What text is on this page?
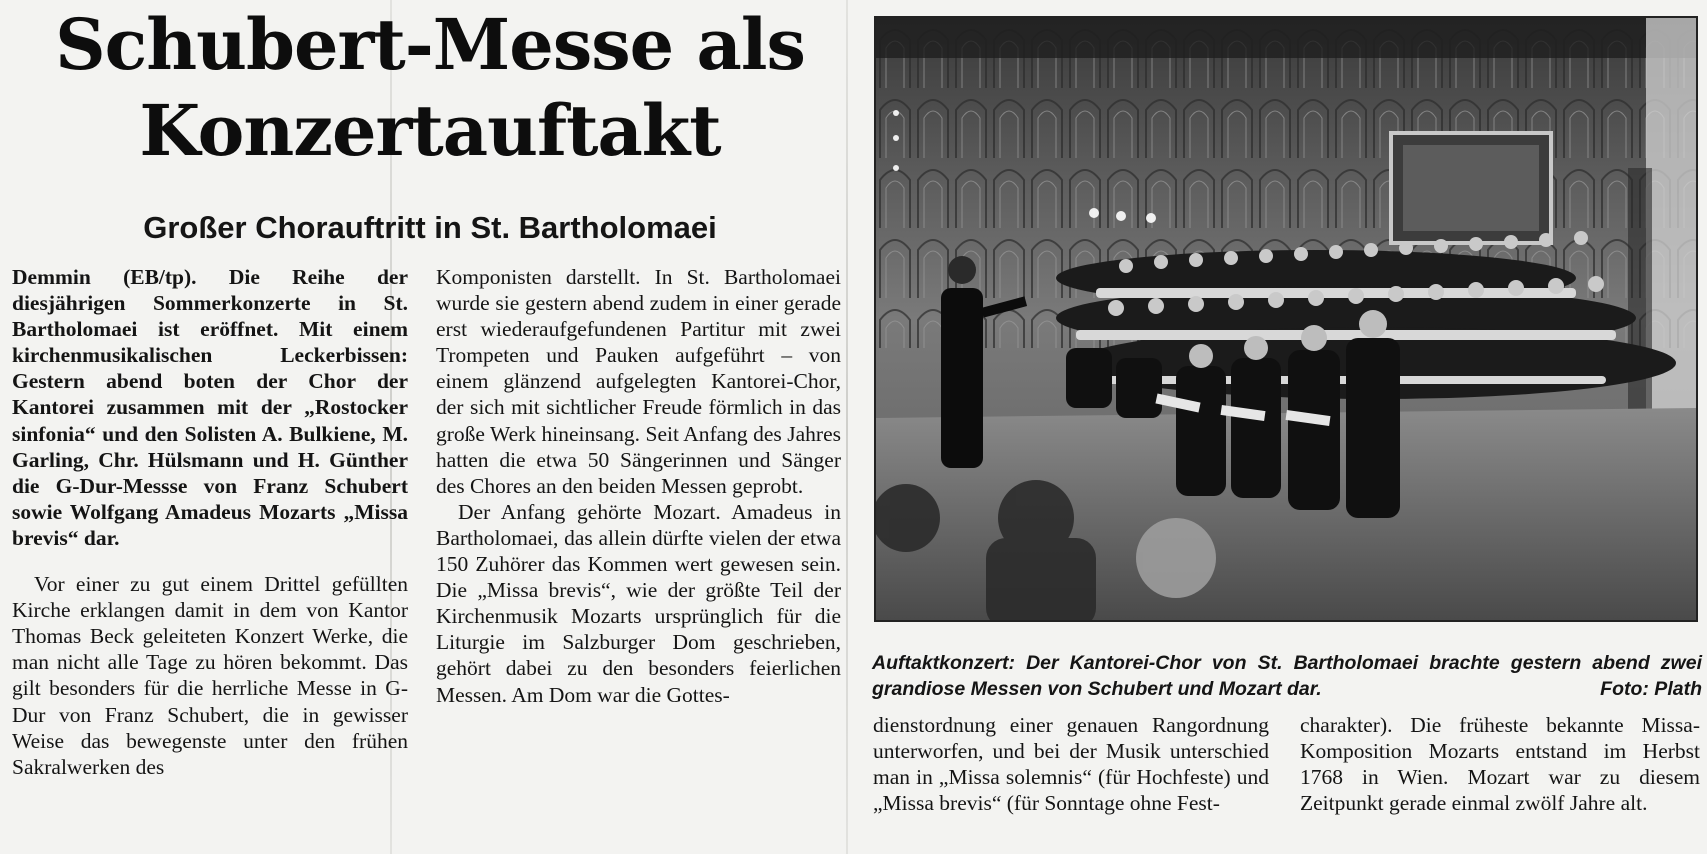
Schubert-Messe als
Konzertauftakt
Großer Chorauftritt in St. Bartholomaei

Demmin (EB/tp). Die Reihe der diesjährigen Sommerkonzerte in St. Bartholomaei ist eröffnet. Mit einem kirchenmusikalischen Leckerbissen: Gestern abend boten der Chor der Kantorei zusammen mit der „Rostocker sinfonia“ und den Solisten A. Bulkiene, M. Garling, Chr. Hülsmann und H. Günther die G-Dur-Messse von Franz Schubert sowie Wolfgang Amadeus Mozarts „Missa brevis“ dar.

Vor einer zu gut einem Drittel gefüllten Kirche erklangen damit in dem von Kantor Thomas Beck geleiteten Konzert Werke, die man nicht alle Tage zu hören bekommt. Das gilt besonders für die herrliche Messe in G-Dur von Franz Schubert, die in gewisser Weise das bewegenste unter den frühen Sakralwerken des

Komponisten darstellt. In St. Bartholomaei wurde sie gestern abend zudem in einer gerade erst wiederaufgefundenen Partitur mit zwei Trompeten und Pauken aufgeführt – von einem glänzend aufgelegten Kantorei-Chor, der sich mit sichtlicher Freude förmlich in das große Werk hineinsang. Seit Anfang des Jahres hatten die etwa 50 Sängerinnen und Sänger des Chores an den beiden Messen geprobt.

Der Anfang gehörte Mozart. Amadeus in Bartholomaei, das allein dürfte vielen der etwa 150 Zuhörer das Kommen wert gewesen sein. Die „Missa brevis“, wie der größte Teil der Kirchenmusik Mozarts ursprünglich für die Liturgie im Salzburger Dom geschrieben, gehört dabei zu den besonders feierlichen Messen. Am Dom war die Gottes-

Auftaktkonzert: Der Kantorei-Chor von St. Bartholomaei brachte gestern abend zwei grandiose Messen von Schubert und Mozart dar.	Foto: Plath

dienstordnung einer genauen Rangordnung unterworfen, und bei der Musik unterschied man in „Missa solemnis“ (für Hochfeste) und „Missa brevis“ (für Sonntage ohne Fest-

charakter). Die früheste bekannte Missa-Komposition Mozarts entstand im Herbst 1768 in Wien. Mozart war zu diesem Zeitpunkt gerade einmal zwölf Jahre alt.
